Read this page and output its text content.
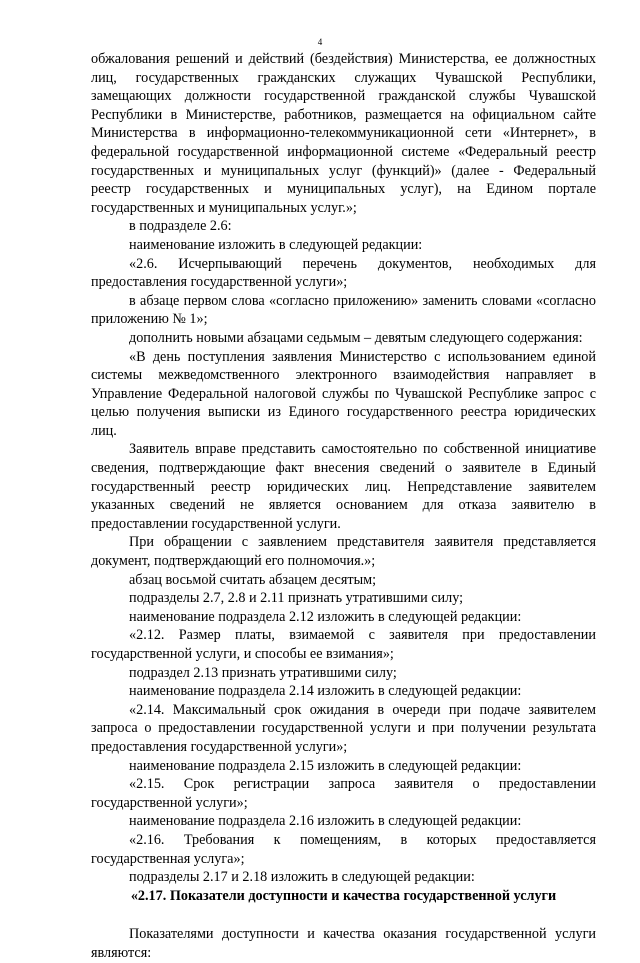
4

обжалования решений и действий (бездействия) Министерства, ее должностных лиц, государственных гражданских служащих Чувашской Республики, замещающих должности государственной гражданской службы Чувашской Республики в Министерстве, работников, размещается на официальном сайте Министерства в информационно-телекоммуникационной сети «Интернет», в федеральной государственной информационной системе «Федеральный реестр государственных и муниципальных услуг (функций)» (далее - Федеральный реестр государственных и муниципальных услуг), на Едином портале государственных и муниципальных услуг.»;

в подразделе 2.6:

наименование изложить в следующей редакции:

«2.6. Исчерпывающий перечень документов, необходимых для предоставления государственной услуги»;

в абзаце первом слова «согласно приложению» заменить словами «согласно приложению № 1»;

дополнить новыми абзацами седьмым – девятым следующего содержания:

«В день поступления заявления Министерство с использованием единой системы межведомственного электронного взаимодействия направляет в Управление Федеральной налоговой службы по Чувашской Республике запрос с целью получения выписки из Единого государственного реестра юридических лиц.

Заявитель вправе представить самостоятельно по собственной инициативе сведения, подтверждающие факт внесения сведений о заявителе в Единый государственный реестр юридических лиц. Непредставление заявителем указанных сведений не является основанием для отказа заявителю в предоставлении государственной услуги.

При обращении с заявлением представителя заявителя представляется документ, подтверждающий его полномочия.»;

абзац восьмой считать абзацем десятым;

подразделы 2.7, 2.8 и 2.11 признать утратившими силу;

наименование подраздела 2.12 изложить в следующей редакции:

«2.12. Размер платы, взимаемой с заявителя при предоставлении государственной услуги, и способы ее взимания»;

подраздел 2.13 признать утратившими силу;

наименование подраздела 2.14 изложить в следующей редакции:

«2.14. Максимальный срок ожидания в очереди при подаче заявителем запроса о предоставлении государственной услуги и при получении результата предоставления государственной услуги»;

наименование подраздела 2.15 изложить в следующей редакции:

«2.15. Срок регистрации запроса заявителя о предоставлении государственной услуги»;

наименование подраздела 2.16 изложить в следующей редакции:

«2.16. Требования к помещениям, в которых предоставляется государственная услуга»;

подразделы 2.17 и 2.18 изложить в следующей редакции:

«2.17. Показатели доступности и качества государственной услуги

Показателями доступности и качества оказания государственной услуги являются:
